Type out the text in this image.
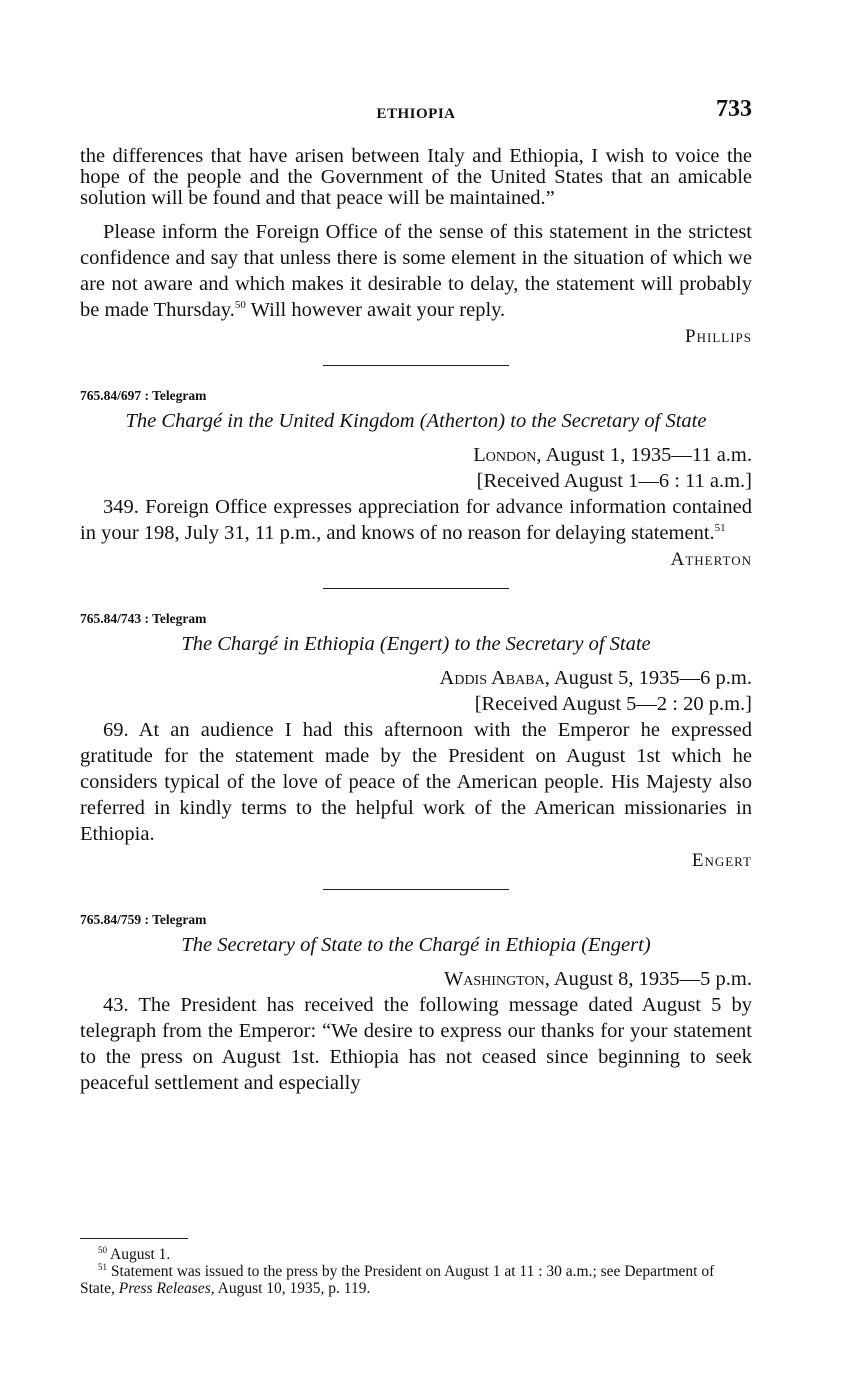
ETHIOPIA	733

the differences that have arisen between Italy and Ethiopia, I wish to voice the hope of the people and the Government of the United States that an amicable solution will be found and that peace will be maintained.”

Please inform the Foreign Office of the sense of this statement in the strictest confidence and say that unless there is some element in the situation of which we are not aware and which makes it desirable to delay, the statement will probably be made Thursday.$^{50}$ Will however await your reply.

Phillips
765.84/697 : Telegram
The Chargé in the United Kingdom (Atherton) to the Secretary of State
London, August 1, 1935—11 a.m.
[Received August 1—6 : 11 a.m.]

349. Foreign Office expresses appreciation for advance information contained in your 198, July 31, 11 p.m., and knows of no reason for delaying statement.$^{51}$

Atherton
765.84/743 : Telegram
The Chargé in Ethiopia (Engert) to the Secretary of State
Addis Ababa, August 5, 1935—6 p.m.
[Received August 5—2 : 20 p.m.]

69. At an audience I had this afternoon with the Emperor he expressed gratitude for the statement made by the President on August 1st which he considers typical of the love of peace of the American people. His Majesty also referred in kindly terms to the helpful work of the American missionaries in Ethiopia.

Engert
765.84/759 : Telegram
The Secretary of State to the Chargé in Ethiopia (Engert)
Washington, August 8, 1935—5 p.m.

43. The President has received the following message dated August 5 by telegraph from the Emperor: “We desire to express our thanks for your statement to the press on August 1st. Ethiopia has not ceased since beginning to seek peaceful settlement and especially

$^{50}$ August 1.
$^{51}$ Statement was issued to the press by the President on August 1 at 11 : 30 a.m.; see Department of State, Press Releases, August 10, 1935, p. 119.
